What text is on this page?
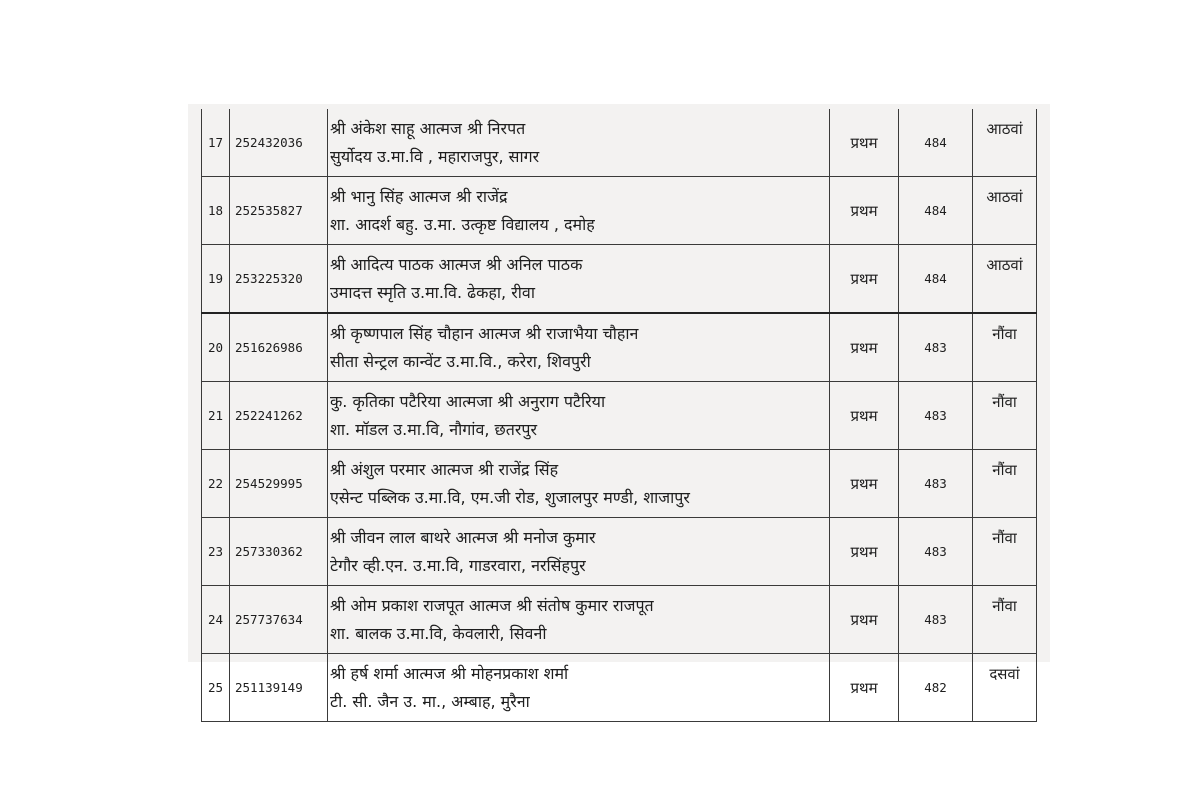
17	252432036	श्री अंकेश साहू आत्मज श्री निरपत
सुर्योदय उ.मा.वि , महाराजपुर, सागर	प्रथम	484	आठवां
18	252535827	श्री भानु सिंह आत्मज श्री राजेंद्र
शा. आदर्श बहु. उ.मा. उत्कृष्ट विद्यालय , दमोह	प्रथम	484	आठवां
19	253225320	श्री आदित्य पाठक आत्मज श्री अनिल पाठक
उमादत्त स्मृति उ.मा.वि. ढेकहा, रीवा	प्रथम	484	आठवां
20	251626986	श्री कृष्णपाल सिंह चौहान आत्मज श्री राजाभैया चौहान
सीता सेन्ट्रल कान्वेंट उ.मा.वि., करेरा, शिवपुरी	प्रथम	483	नौंवा
21	252241262	कु. कृतिका पटैरिया आत्मजा श्री अनुराग पटैरिया
शा. मॉडल उ.मा.वि, नौगांव, छतरपुर	प्रथम	483	नौंवा
22	254529995	श्री अंशुल परमार आत्मज श्री राजेंद्र सिंह
एसेन्ट पब्लिक उ.मा.वि, एम.जी रोड, शुजालपुर मण्डी, शाजापुर	प्रथम	483	नौंवा
23	257330362	श्री जीवन लाल बाथरे आत्मज श्री मनोज कुमार
टेगौर व्ही.एन. उ.मा.वि, गाडरवारा, नरसिंहपुर	प्रथम	483	नौंवा
24	257737634	श्री ओम प्रकाश राजपूत आत्मज श्री संतोष कुमार राजपूत
शा. बालक उ.मा.वि, केवलारी, सिवनी	प्रथम	483	नौंवा
25	251139149	श्री हर्ष शर्मा आत्मज श्री मोहनप्रकाश शर्मा
टी. सी. जैन उ. मा., अम्बाह, मुरैना	प्रथम	482	दसवां
